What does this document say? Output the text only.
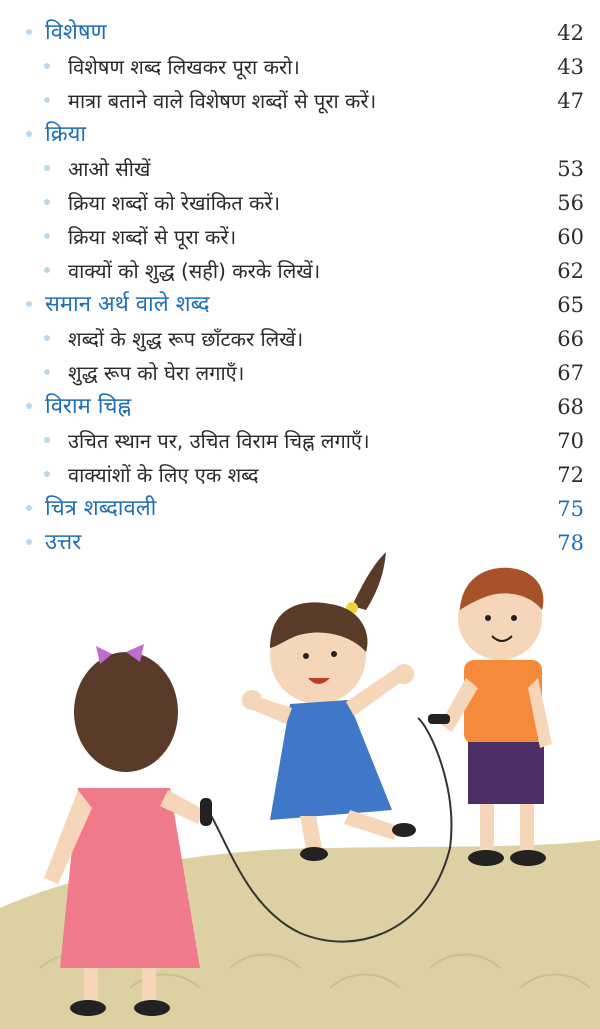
विशेषण	42
विशेषण शब्द लिखकर पूरा करो।	43
मात्रा बताने वाले विशेषण शब्दों से पूरा करें।	47
क्रिया
आओ सीखें	53
क्रिया शब्दों को रेखांकित करें।	56
क्रिया शब्दों से पूरा करें।	60
वाक्यों को शुद्ध (सही) करके लिखें।	62
समान अर्थ वाले शब्द	65
शब्दों के शुद्ध रूप छाँटकर लिखें।	66
शुद्ध रूप को घेरा लगाएँ।	67
विराम चिह्न	68
उचित स्थान पर, उचित विराम चिह्न लगाएँ।	70
वाक्यांशों के लिए एक शब्द	72
चित्र शब्दावली	75
उत्तर	78
